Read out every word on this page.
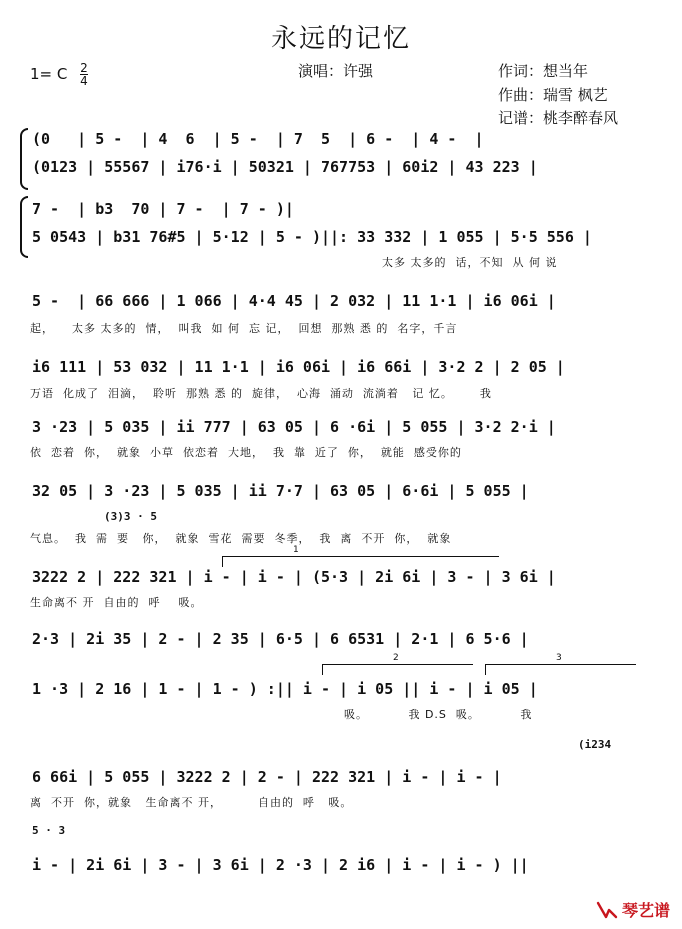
永远的记忆
1= C $\frac{2}{4}$	演唱：许强	作词：想当年
作曲：瑞雪 枫艺
记谱：桃李醉春风
(0   | 5 -  | 4  6  | 5 -  | 7  5  | 6 -  | 4 -  |
(0123 | 55567 | i76·i | 50321 | 767753 | 60i2 | 43 223 |
7 -  | b3  70 | 7 -  | 7 - )|
5 0543 | b31 76#5 | 5·12 | 5 - )||: 33 332 | 1 055 | 5·5 556 |
太多 太多的  话，不知  从 何 说
5 -  | 66 666 | 1 066 | 4·4 45 | 2 032 | 11 1·1 | i6 06i |
起，    太多 太多的  情，  叫我  如 何  忘 记，  回想  那熟 悉 的  名字，千言
i6 111 | 53 032 | 11 1·1 | i6 06i | i6 66i | 3·2 2 | 2 05 |
万语  化成了  泪滴，  聆听  那熟 悉 的  旋律，  心海  涌动  流淌着   记 忆。      我
3 ·23 | 5 035 | ii 777 | 63 05 | 6 ·6i | 5 055 | 3·2 2·i |
依  恋着  你，  就象  小草  依恋着  大地，  我  靠  近了  你，  就能  感受你的
32 05 | 3 ·23 | 5 035 | ii 7·7 | 63 05 | 6·6i | 5 055 |
(3)3 · 5
气息。  我  需  要   你，  就象  雪花  需要  冬季，  我  离  不开  你，  就象
1
3222 2 | 222 321 | i - | i - | (5·3 | 2i 6i | 3 - | 3 6i |
生命离不 开  自由的  呼    吸。
2·3 | 2i 35 | 2 - | 2 35 | 6·5 | 6 6531 | 2·1 | 6 5·6 |
2	3
1 ·3 | 2 16 | 1 - | 1 - ) :|| i - | i 05 || i - | i 05 |
吸。         我 D.S  吸。         我
(i234
6 66i | 5 055 | 3222 2 | 2 - | 222 321 | i - | i - |
离  不开  你，就象   生命离不 开，        自由的  呼   吸。
5 · 3
i - | 2i 6i | 3 - | 3 6i | 2 ·3 | 2 i6 | i - | i - ) ||
琴艺谱
